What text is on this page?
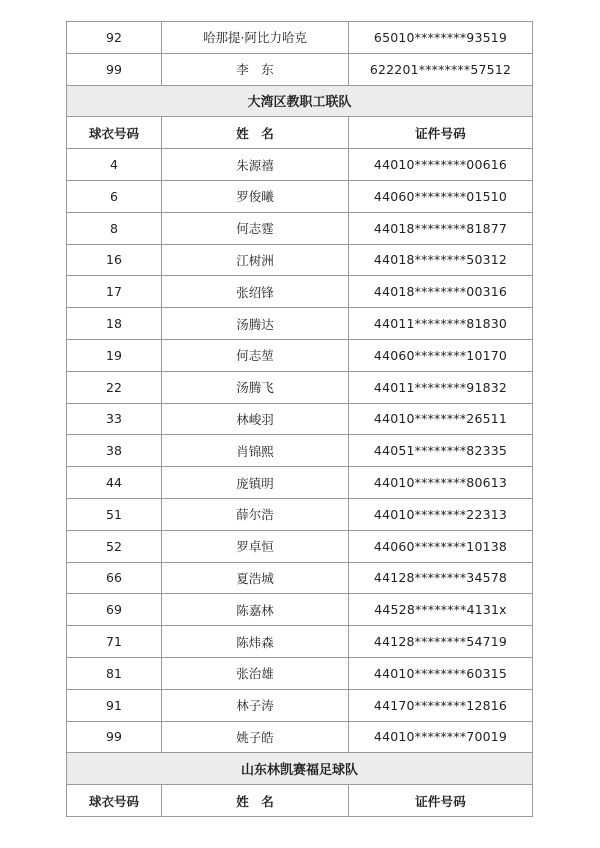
92	哈那提·阿比力哈克	65010********93519
99	李　东	622201********57512
大湾区教职工联队
球衣号码	姓　名	证件号码
4	朱源禧	44010********00616
6	罗俊曦	44060********01510
8	何志霆	44018********81877
16	江树洲	44018********50312
17	张绍锋	44018********00316
18	汤腾达	44011********81830
19	何志堃	44060********10170
22	汤腾飞	44011********91832
33	林峻羽	44010********26511
38	肖锦熙	44051********82335
44	庞镇明	44010********80613
51	薛尔浩	44010********22313
52	罗卓恒	44060********10138
66	夏浩城	44128********34578
69	陈嘉林	44528********4131x
71	陈炜森	44128********54719
81	张治雄	44010********60315
91	林子涛	44170********12816
99	姚子皓	44010********70019
山东林凯赛福足球队
球衣号码	姓　名	证件号码
